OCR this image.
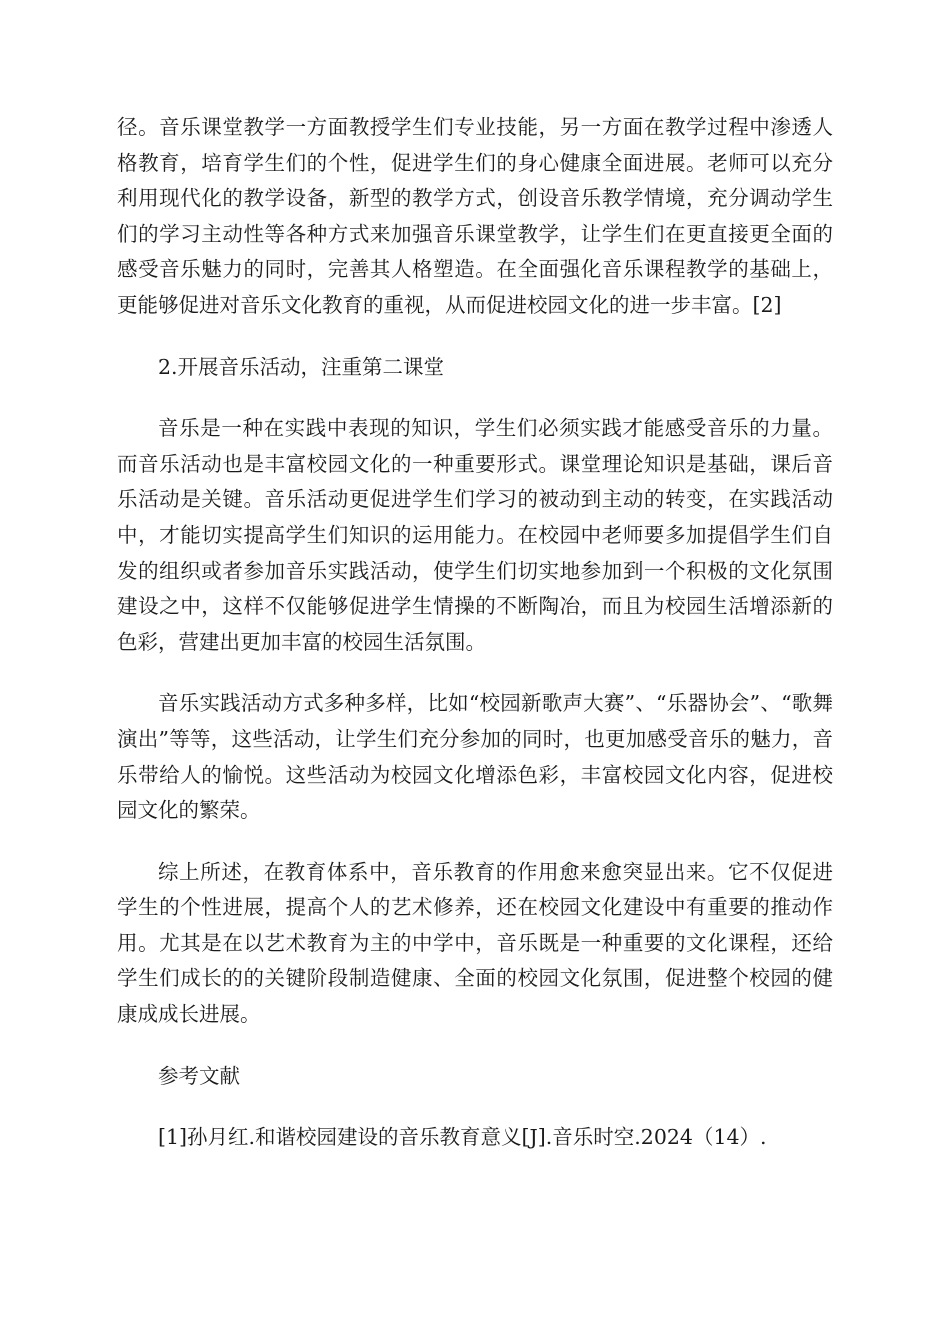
径。音乐课堂教学一方面教授学生们专业技能，另一方面在教学过程中渗透人格教育，培育学生们的个性，促进学生们的身心健康全面进展。老师可以充分利用现代化的教学设备，新型的教学方式，创设音乐教学情境，充分调动学生们的学习主动性等各种方式来加强音乐课堂教学，让学生们在更直接更全面的感受音乐魅力的同时，完善其人格塑造。在全面强化音乐课程教学的基础上，更能够促进对音乐文化教育的重视，从而促进校园文化的进一步丰富。[2]

2.开展音乐活动，注重第二课堂

音乐是一种在实践中表现的知识，学生们必须实践才能感受音乐的力量。而音乐活动也是丰富校园文化的一种重要形式。课堂理论知识是基础，课后音乐活动是关键。音乐活动更促进学生们学习的被动到主动的转变，在实践活动中，才能切实提高学生们知识的运用能力。在校园中老师要多加提倡学生们自发的组织或者参加音乐实践活动，使学生们切实地参加到一个积极的文化氛围建设之中，这样不仅能够促进学生情操的不断陶冶，而且为校园生活增添新的色彩，营建出更加丰富的校园生活氛围。

音乐实践活动方式多种多样，比如“校园新歌声大赛”、“乐器协会”、“歌舞演出”等等，这些活动，让学生们充分参加的同时，也更加感受音乐的魅力，音乐带给人的愉悦。这些活动为校园文化增添色彩，丰富校园文化内容，促进校园文化的繁荣。

综上所述，在教育体系中，音乐教育的作用愈来愈突显出来。它不仅促进学生的个性进展，提高个人的艺术修养，还在校园文化建设中有重要的推动作用。尤其是在以艺术教育为主的中学中，音乐既是一种重要的文化课程，还给学生们成长的的关键阶段制造健康、全面的校园文化氛围，促进整个校园的健康成成长进展。

参考文献

[1]孙月红.和谐校园建设的音乐教育意义[J].音乐时空.2024（14）.
